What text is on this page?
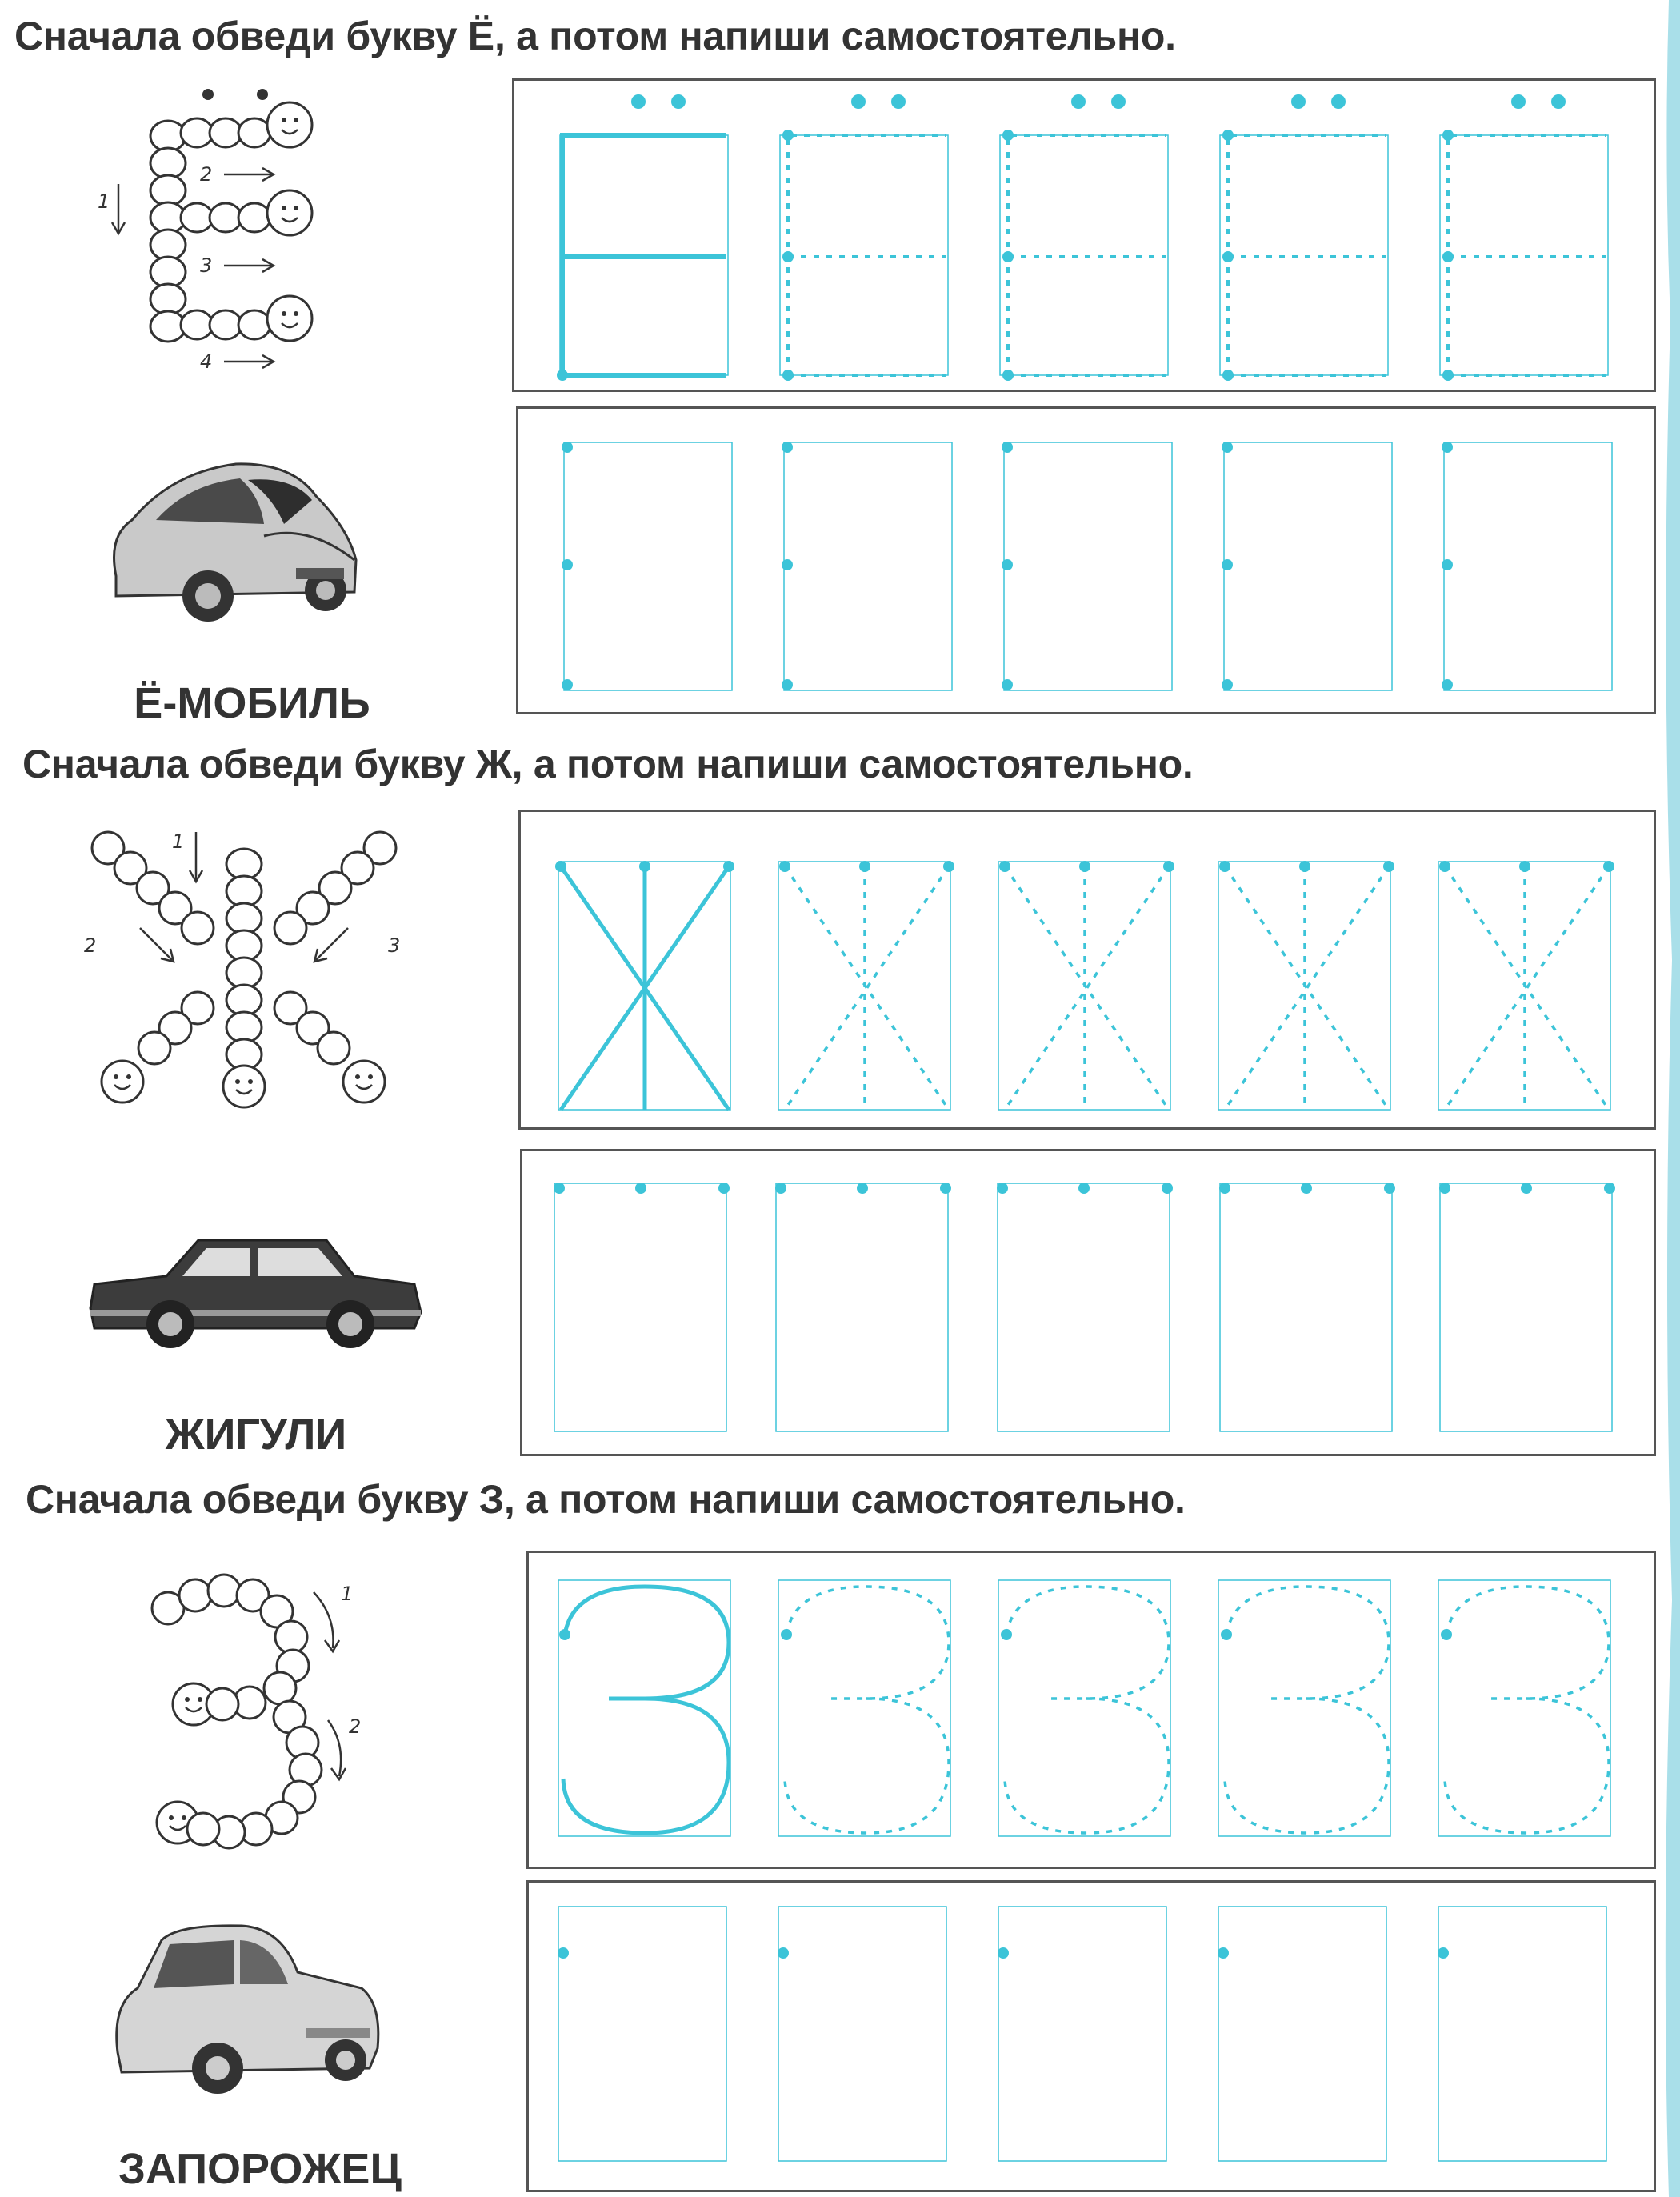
Сначала обведи букву Ё, а потом напиши самостоятельно.
1
2
3
4
Ё-МОБИЛЬ
Сначала обведи букву Ж, а потом напиши самостоятельно.
1
2	3
ЖИГУЛИ
Сначала обведи букву З, а потом напиши самостоятельно.
1
2
ЗАПОРОЖЕЦ
